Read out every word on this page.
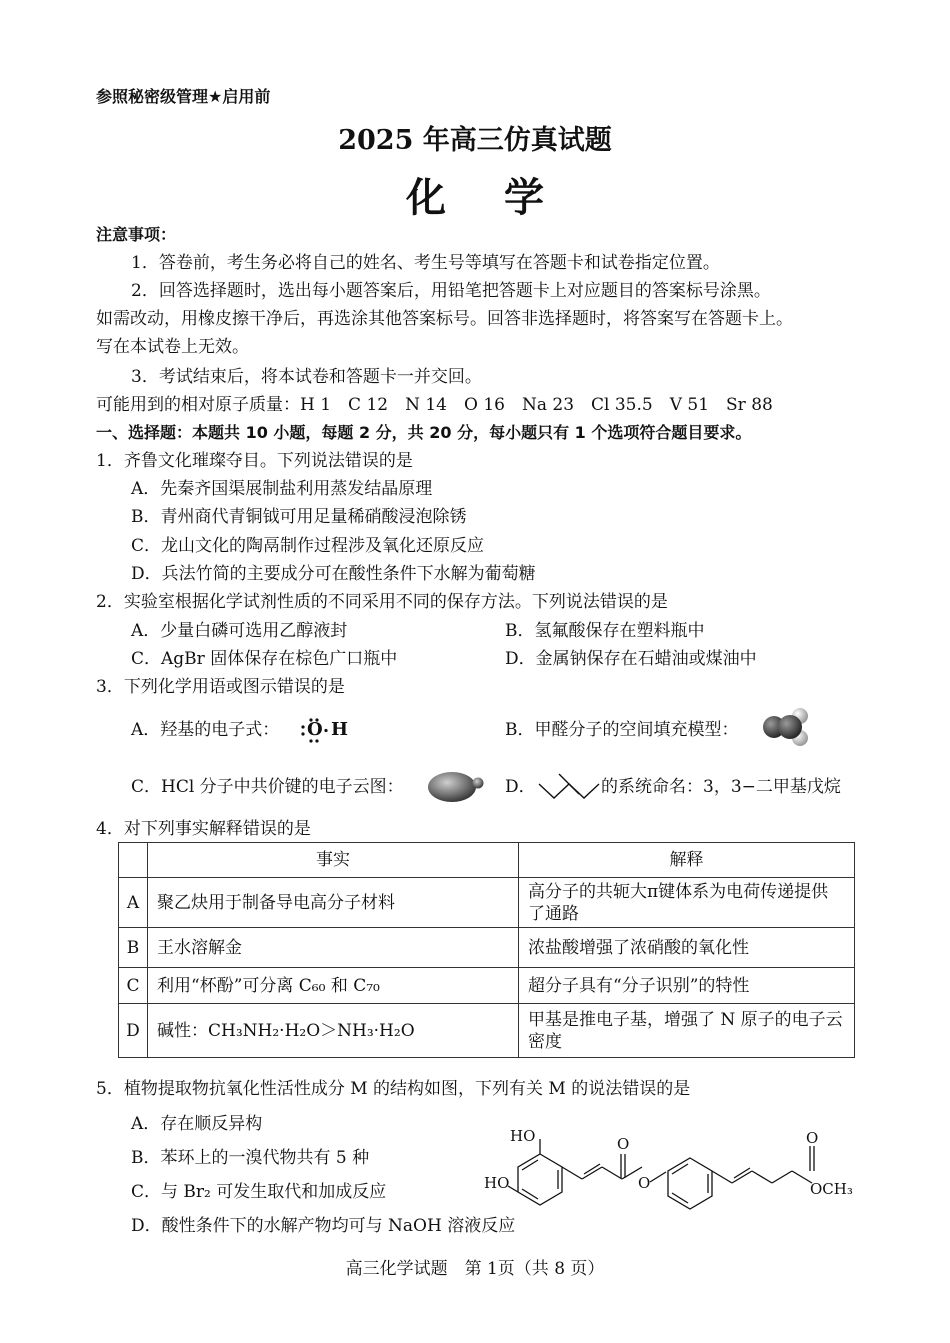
参照秘密级管理★启用前
2025 年高三仿真试题
化学
注意事项：
1．答卷前，考生务必将自己的姓名、考生号等填写在答题卡和试卷指定位置。
2．回答选择题时，选出每小题答案后，用铅笔把答题卡上对应题目的答案标号涂黑。
如需改动，用橡皮擦干净后，再选涂其他答案标号。回答非选择题时，将答案写在答题卡上。
写在本试卷上无效。
3．考试结束后，将本试卷和答题卡一并交回。
可能用到的相对原子质量：H 1　C 12　N 14　O 16　Na 23　Cl 35.5　V 51　Sr 88
一、选择题：本题共 10 小题，每题 2 分，共 20 分，每小题只有 1 个选项符合题目要求。
1．齐鲁文化璀璨夺目。下列说法错误的是
A．先秦齐国渠展制盐利用蒸发结晶原理
B．青州商代青铜钺可用足量稀硝酸浸泡除锈
C．龙山文化的陶鬲制作过程涉及氧化还原反应
D．兵法竹简的主要成分可在酸性条件下水解为葡萄糖
2．实验室根据化学试剂性质的不同采用不同的保存方法。下列说法错误的是
A．少量白磷可选用乙醇液封	B．氢氟酸保存在塑料瓶中
C．AgBr 固体保存在棕色广口瓶中	D．金属钠保存在石蜡油或煤油中
3．下列化学用语或图示错误的是
A．羟基的电子式： O H	B．甲醛分子的空间填充模型：
C．HCl 分子中共价键的电子云图：	D．	的系统命名：3，3−二甲基戊烷
4．对下列事实解释错误的是
	事实	解释
A	聚乙炔用于制备导电高分子材料	高分子的共轭大π键体系为电荷传递提供了通路
B	王水溶解金	浓盐酸增强了浓硝酸的氧化性
C	利用“杯酚”可分离 C₆₀ 和 C₇₀	超分子具有“分子识别”的特性
D	碱性：CH₃NH₂·H₂O＞NH₃·H₂O	甲基是推电子基，增强了 N 原子的电子云密度
5．植物提取物抗氧化性活性成分 M 的结构如图，下列有关 M 的说法错误的是
A．存在顺反异构
B．苯环上的一溴代物共有 5 种
C．与 Br₂ 可发生取代和加成反应
D．酸性条件下的水解产物均可与 NaOH 溶液反应
HO
HO
O
O
O
OCH₃
高三化学试题　第 1页（共 8 页）
